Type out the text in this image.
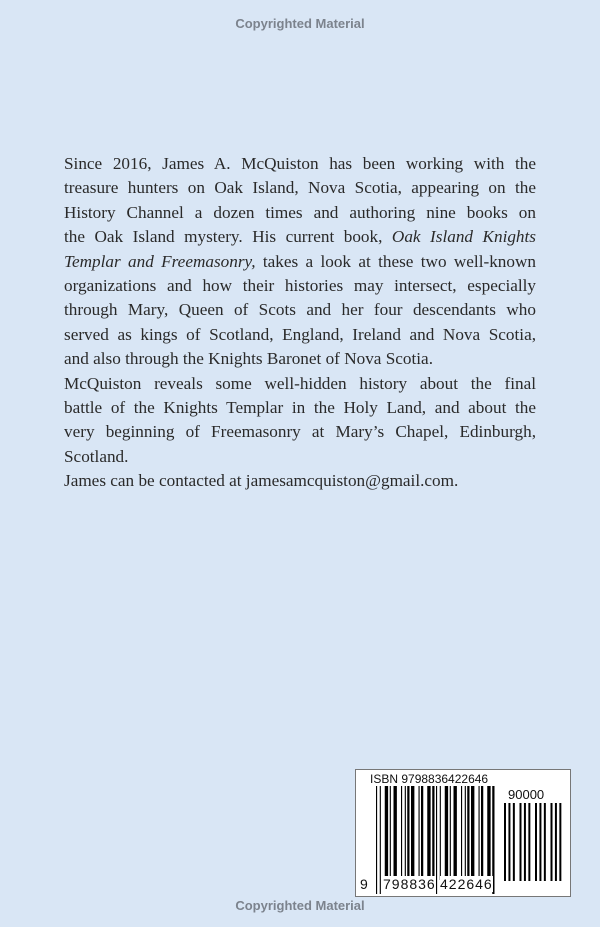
Copyrighted Material
Since 2016, James A. McQuiston has been working with the
treasure hunters on Oak Island, Nova Scotia, appearing on the
History Channel a dozen times and authoring nine books on
the Oak Island mystery. His current book, Oak Island Knights
Templar and Freemasonry, takes a look at these two well-known
organizations and how their histories may intersect, especially
through Mary, Queen of Scots and her four descendants who
served as kings of Scotland, England, Ireland and Nova Scotia,
and also through the Knights Baronet of Nova Scotia.
McQuiston reveals some well-hidden history about the final
battle of the Knights Templar in the Holy Land, and about the
very beginning of Freemasonry at Mary’s Chapel, Edinburgh,
Scotland.
James can be contacted at jamesamcquiston@gmail.com.
ISBN 9798836422646
90000
9 798836 422646
Copyrighted Material
